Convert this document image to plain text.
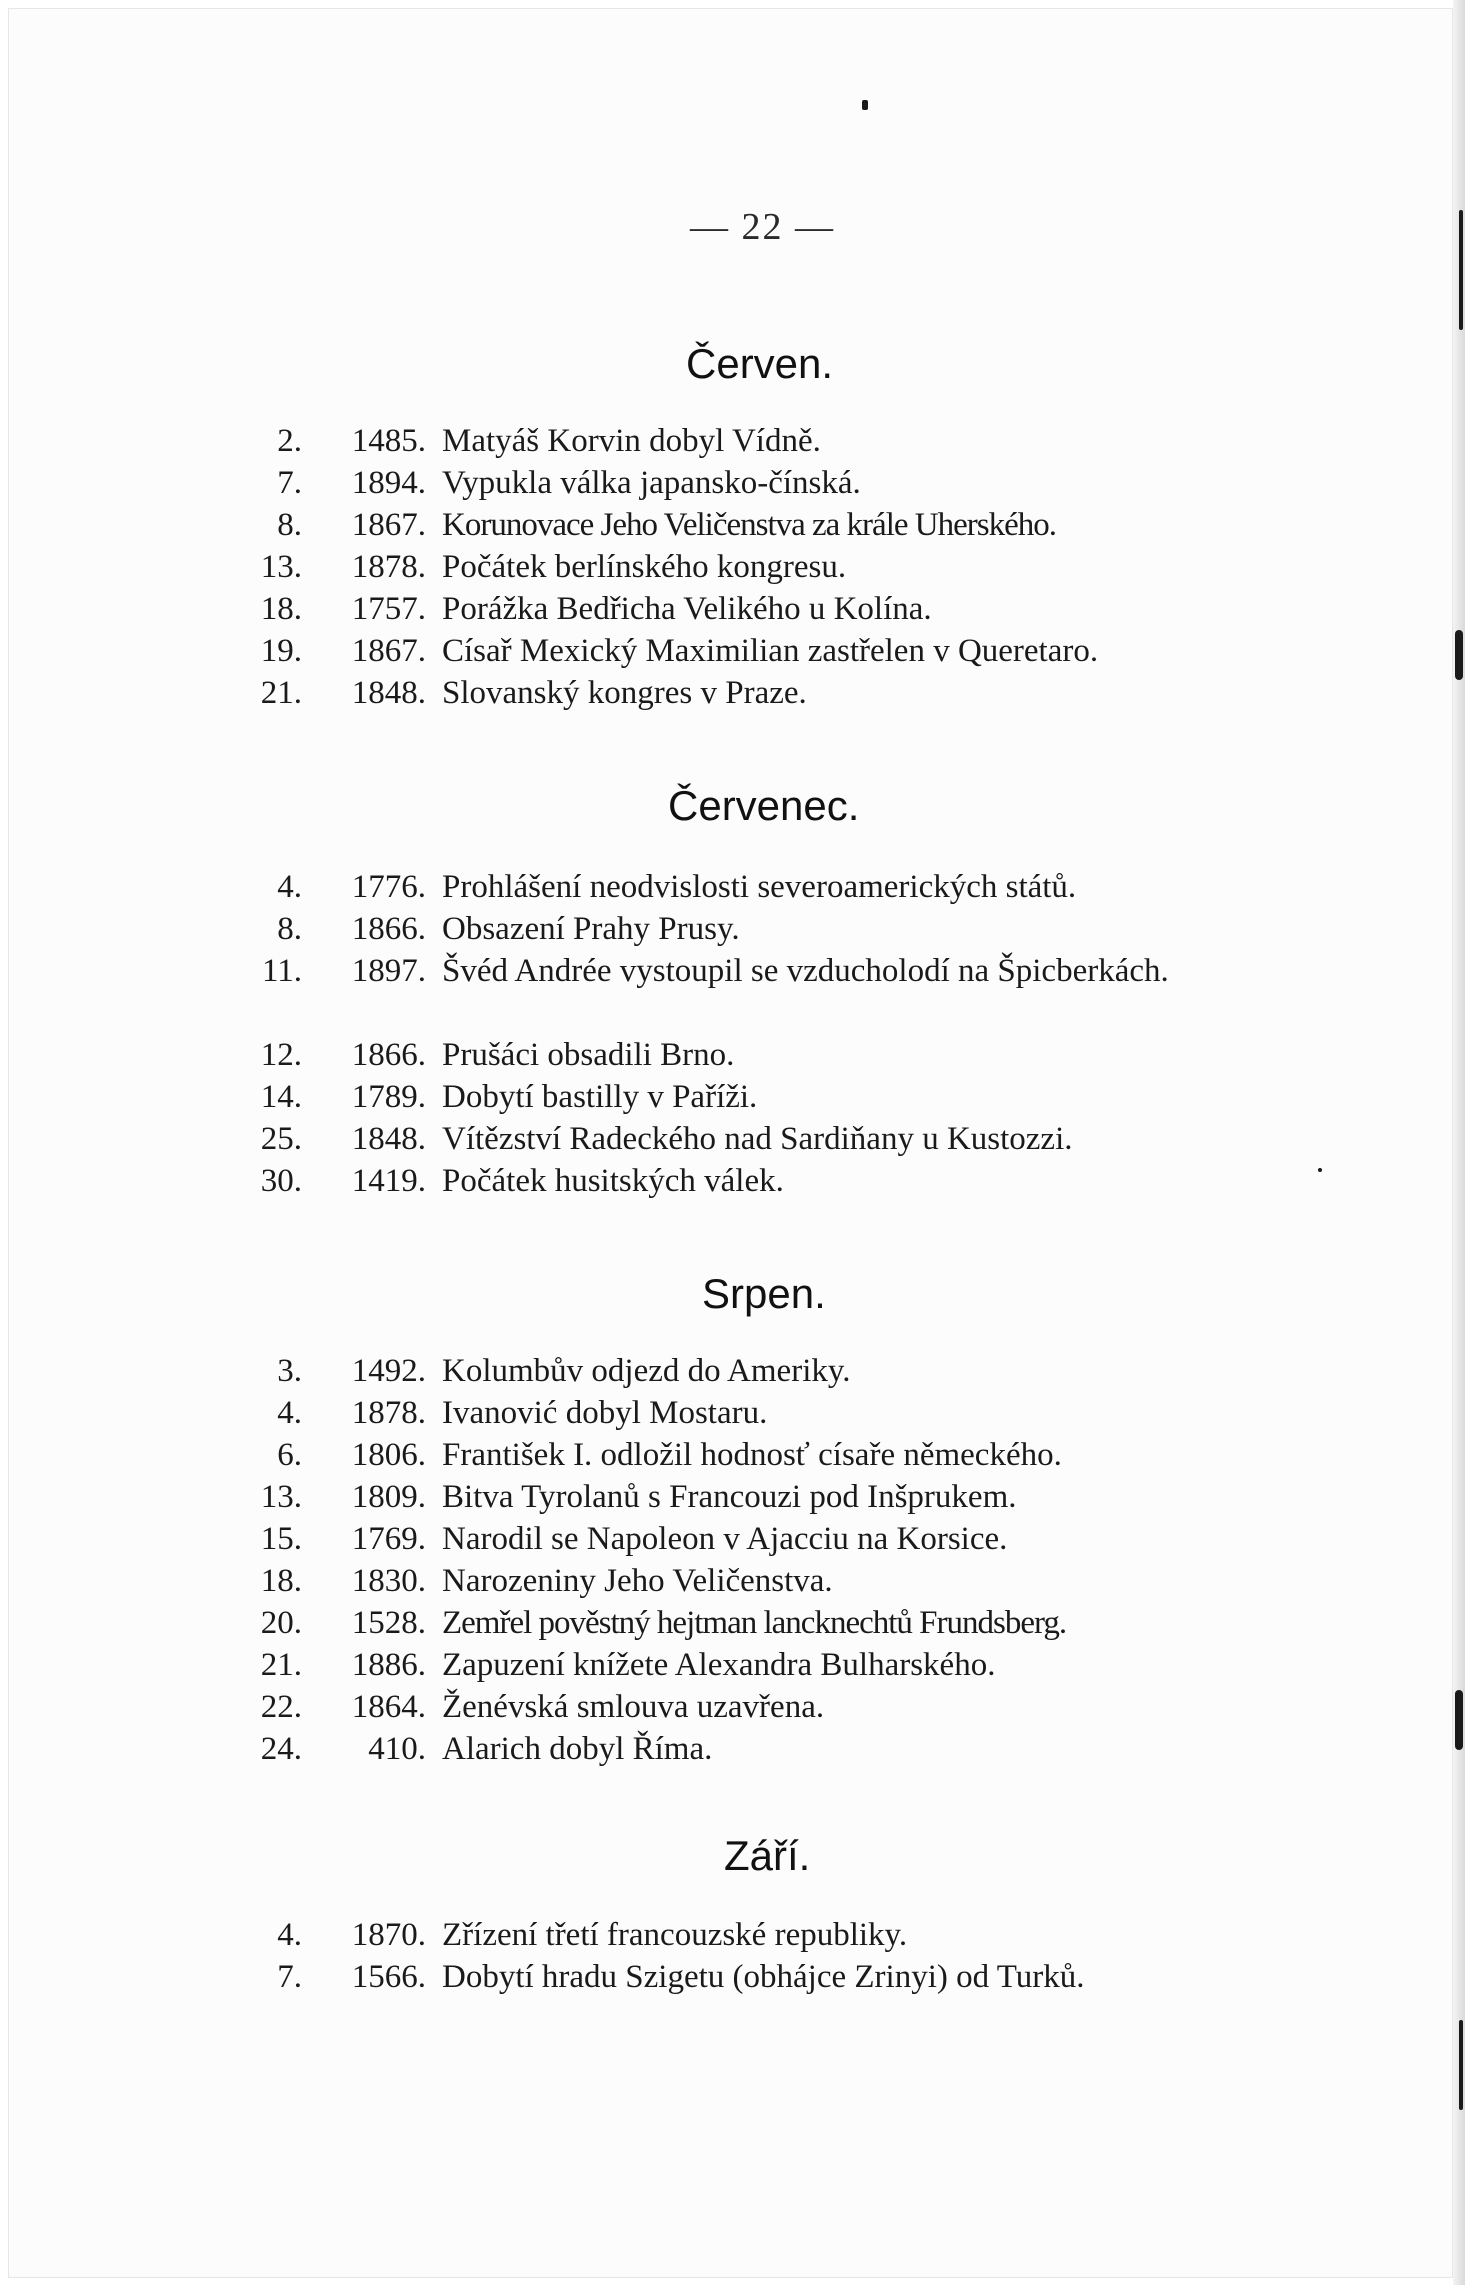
— 22 —
Červen.
2.	1485. Matyáš Korvin dobyl Vídně.
7.	1894. Vypukla válka japansko-čínská.
8.	1867. Korunovace Jeho Veličenstva za krále Uherského.
13.	1878. Počátek berlínského kongresu.
18.	1757. Porážka Bedřicha Velikého u Kolína.
19.	1867. Císař Mexický Maximilian zastřelen v Queretaro.
21.	1848. Slovanský kongres v Praze.
Červenec.
4.	1776. Prohlášení neodvislosti severoamerických států.
8.	1866. Obsazení Prahy Prusy.
11.	1897. Švéd Andrée vystoupil se vzducholodí na Špicberkách.
12.	1866. Prušáci obsadili Brno.
14.	1789. Dobytí bastilly v Paříži.
25.	1848. Vítězství Radeckého nad Sardiňany u Kustozzi.
30.	1419. Počátek husitských válek.
Srpen.
3.	1492. Kolumbův odjezd do Ameriky.
4.	1878. Ivanović dobyl Mostaru.
6.	1806. František I. odložil hodnosť císaře německého.
13.	1809. Bitva Tyrolanů s Francouzi pod Inšprukem.
15.	1769. Narodil se Napoleon v Ajacciu na Korsice.
18.	1830. Narozeniny Jeho Veličenstva.
20.	1528. Zemřel pověstný hejtman lancknechtů Frundsberg.
21.	1886. Zapuzení knížete Alexandra Bulharského.
22.	1864. Ženévská smlouva uzavřena.
24.	410. Alarich dobyl Říma.
Září.
4.	1870. Zřízení třetí francouzské republiky.
7.	1566. Dobytí hradu Szigetu (obhájce Zrinyi) od Turků.
